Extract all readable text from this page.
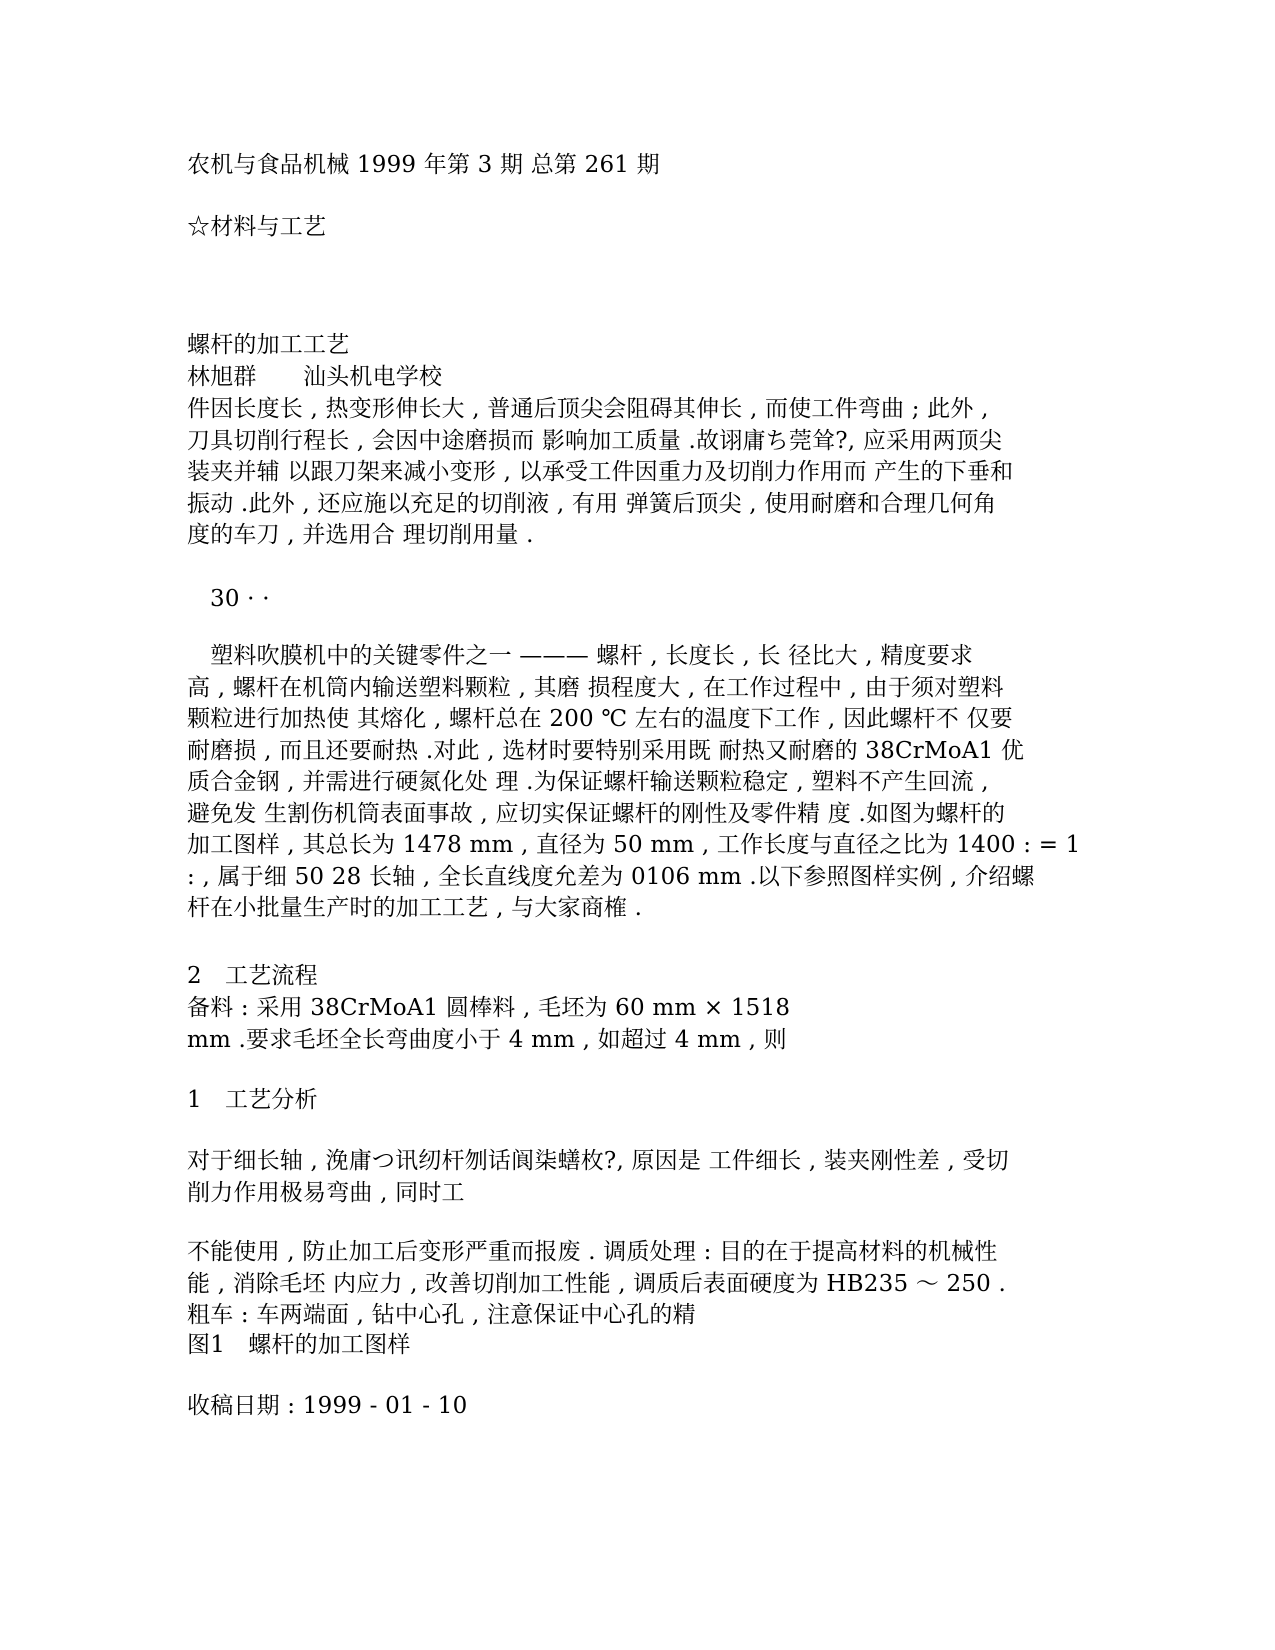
农机与食品机械 1999 年第 3 期 总第 261 期
☆材料与工艺
螺杆的加工工艺
林旭群　　汕头机电学校
件因长度长 , 热变形伸长大 , 普通后顶尖会阻碍其伸长 , 而使工件弯曲 ; 此外 ,
刀具切削行程长 , 会因中途磨损而 影响加工质量 .故诩庸ち莞耸?, 应采用两顶尖
装夹并辅 以跟刀架来减小变形 , 以承受工件因重力及切削力作用而 产生的下垂和
振动 .此外 , 还应施以充足的切削液 , 有用 弹簧后顶尖 , 使用耐磨和合理几何角
度的车刀 , 并选用合 理切削用量 .
30 · ·
　塑料吹膜机中的关键零件之一 ——— 螺杆 , 长度长 , 长 径比大 , 精度要求
高 , 螺杆在机筒内输送塑料颗粒 , 其磨 损程度大 , 在工作过程中 , 由于须对塑料
颗粒进行加热使 其熔化 , 螺杆总在 200 ℃ 左右的温度下工作 , 因此螺杆不 仅要
耐磨损 , 而且还要耐热 .对此 , 选材时要特别采用既 耐热又耐磨的 38CrMoA1 优
质合金钢 , 并需进行硬氮化处 理 .为保证螺杆输送颗粒稳定 , 塑料不产生回流 ,
避免发 生割伤机筒表面事故 , 应切实保证螺杆的刚性及零件精 度 .如图为螺杆的
加工图样 , 其总长为 1478 mm , 直径为 50 mm , 工作长度与直径之比为 1400 : = 1
: , 属于细 50 28 长轴 , 全长直线度允差为 0106 mm .以下参照图样实例 , 介绍螺
杆在小批量生产时的加工工艺 , 与大家商榷 .
2　工艺流程
备料 : 采用 38CrMoA1 圆棒料 , 毛坯为 60 mm × 1518
mm .要求毛坯全长弯曲度小于 4 mm , 如超过 4 mm , 则
1　工艺分析
对于细长轴 , 浼庸つ讯纫杆刎话阆柒蟮枚?, 原因是 工件细长 , 装夹刚性差 , 受切
削力作用极易弯曲 , 同时工
不能使用 , 防止加工后变形严重而报废 . 调质处理 : 目的在于提高材料的机械性
能 , 消除毛坯 内应力 , 改善切削加工性能 , 调质后表面硬度为 HB235 ～ 250 .
粗车 : 车两端面 , 钻中心孔 , 注意保证中心孔的精
图1　螺杆的加工图样
收稿日期 : 1999 - 01 - 10
